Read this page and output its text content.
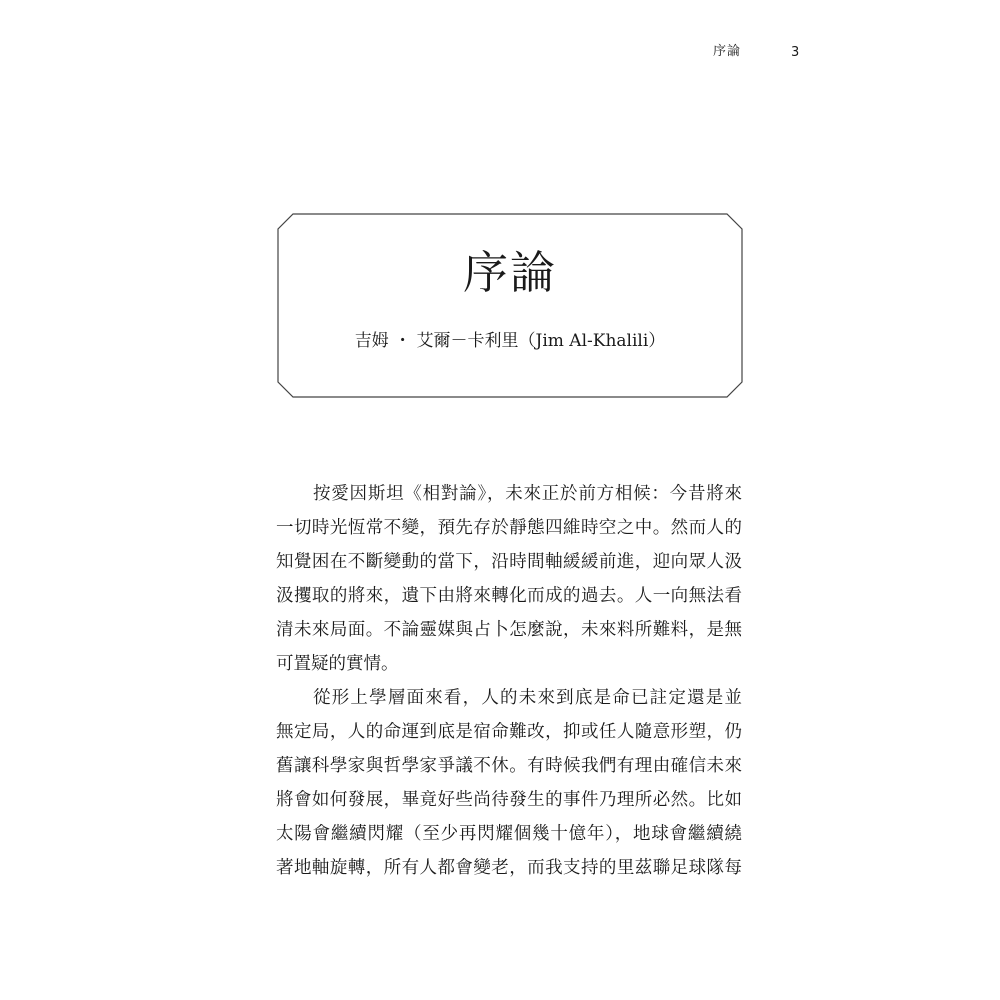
序論	3
序論
吉姆 ・ 艾爾－卡利里（Jim Al-Khalili）
按愛因斯坦《相對論》，未來正於前方相候：今昔將來
一切時光恆常不變，預先存於靜態四維時空之中。然而人的
知覺困在不斷變動的當下，沿時間軸緩緩前進，迎向眾人汲
汲攫取的將來，遺下由將來轉化而成的過去。人一向無法看
清未來局面。不論靈媒與占卜怎麼說，未來料所難料，是無
可置疑的實情。
從形上學層面來看，人的未來到底是命已註定還是並
無定局，人的命運到底是宿命難改，抑或任人隨意形塑，仍
舊讓科學家與哲學家爭議不休。有時候我們有理由確信未來
將會如何發展，畢竟好些尚待發生的事件乃理所必然。比如
太陽會繼續閃耀（至少再閃耀個幾十億年），地球會繼續繞
著地軸旋轉，所有人都會變老，而我支持的里茲聯足球隊每
